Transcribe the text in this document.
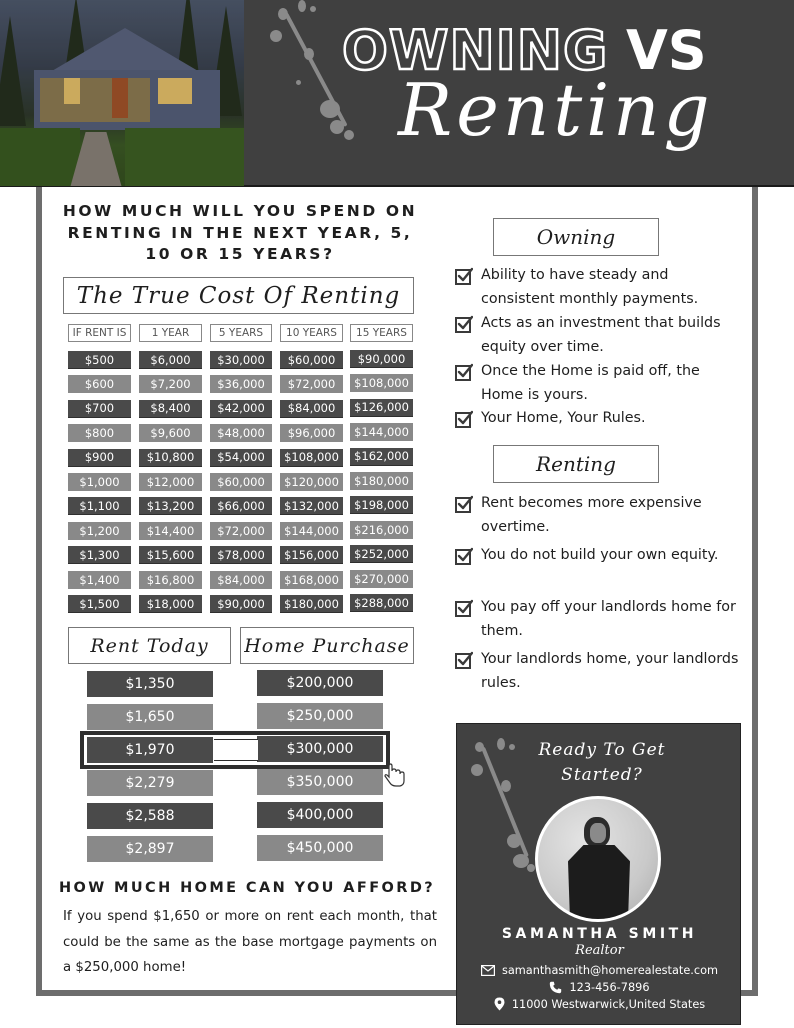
OWNING VS
Renting
HOW MUCH WILL YOU SPEND ON RENTING IN THE NEXT YEAR, 5, 10 OR 15 YEARS?
The True Cost Of Renting
IF RENT IS	1 YEAR	5 YEARS	10 YEARS	15 YEARS
$500	$6,000	$30,000	$60,000	$90,000
$600	$7,200	$36,000	$72,000	$108,000
$700	$8,400	$42,000	$84,000	$126,000
$800	$9,600	$48,000	$96,000	$144,000
$900	$10,800	$54,000	$108,000	$162,000
$1,000	$12,000	$60,000	$120,000	$180,000
$1,100	$13,200	$66,000	$132,000	$198,000
$1,200	$14,400	$72,000	$144,000	$216,000
$1,300	$15,600	$78,000	$156,000	$252,000
$1,400	$16,800	$84,000	$168,000	$270,000
$1,500	$18,000	$90,000	$180,000	$288,000
Rent Today	Home Purchase
$1,350	$200,000
$1,650	$250,000
$1,970	$300,000
$2,279	$350,000
$2,588	$400,000
$2,897	$450,000
HOW MUCH HOME CAN YOU AFFORD?
If you spend $1,650 or more on rent each month, that could be the same as the base mortgage payments on a $250,000 home!
Owning
Ability to have steady and consistent monthly payments.
Acts as an investment that builds equity over time.
Once the Home is paid off, the Home is yours.
Your Home, Your Rules.
Renting
Rent becomes more expensive overtime.
You do not build your own equity.
You pay off your landlords home for them.
Your landlords home, your landlords rules.
Ready To Get Started?
SAMANTHA SMITH
Realtor
samanthasmith@homerealestate.com
123-456-7896
11000 Westwarwick,United States
